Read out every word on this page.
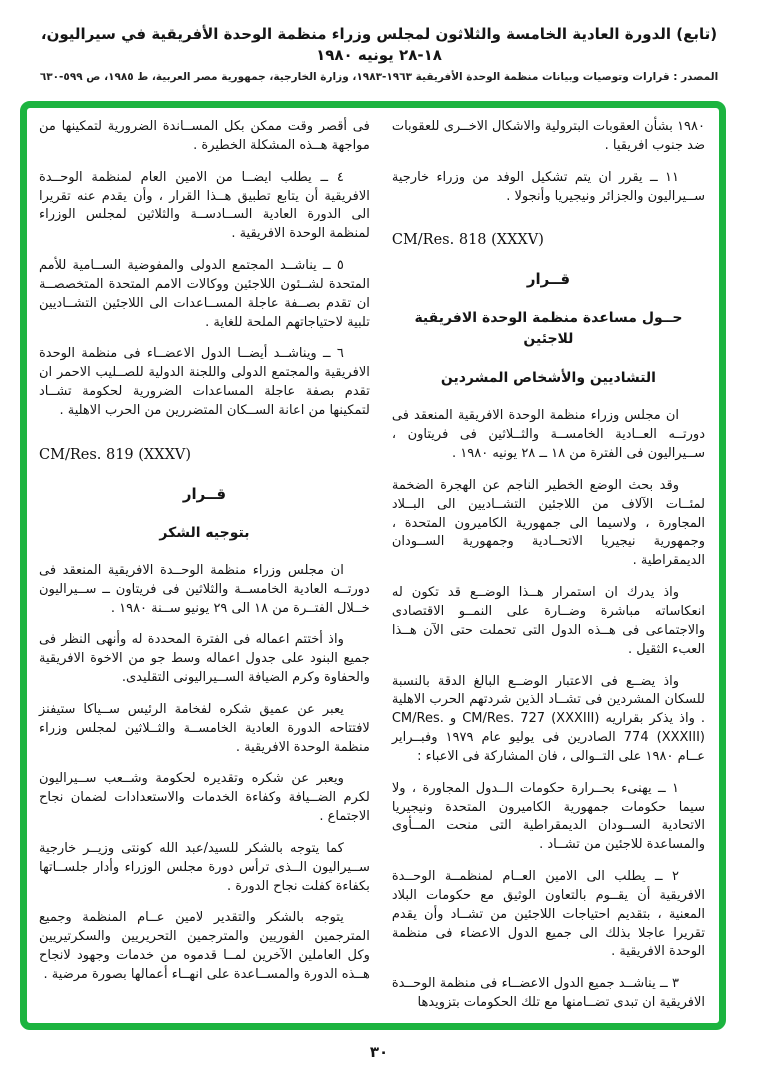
(تابع) الدورة العادية الخامسة والثلاثون لمجلس وزراء منظمة الوحدة الأفريقية في سيراليون، ١٨-٢٨ يونيه ١٩٨٠
المصدر : قرارات وتوصيات وبيانات منظمة الوحدة الأفريقية ١٩٦٣-١٩٨٣، وزارة الخارجية، جمهورية مصر العربية، ط ١٩٨٥، ص ٥٩٩-٦٣٠

١٩٨٠ بشأن العقوبات البترولية والاشكال الاخــرى للعقوبات ضد جنوب افريقيا .

١١ ــ يقرر ان يتم تشكيل الوفد من وزراء خارجية ســيراليون والجزائر ونيجيريا وأنجولا .

CM/Res. 818 (XXXV)
قــرار
حــول مساعدة منظمة الوحدة الافريقية للاجئين
التشاديين والأشخاص المشردين

ان مجلس وزراء منظمة الوحدة الافريقية المنعقد فى دورتــه العــادية الخامســة والثــلاثين فى فريتاون ، ســيراليون فى الفترة من ١٨ ــ ٢٨ يونيه ١٩٨٠ .

وقد بحث الوضع الخطير الناجم عن الهجرة الضخمة لمئــات الآلاف من اللاجئين التشــاديين الى البــلاد المجاورة ، ولاسيما الى جمهورية الكاميرون المتحدة ، وجمهورية نيجيريا الاتحــادية وجمهورية الســودان الديمقراطية .

واذ يدرك ان استمرار هــذا الوضــع قد تكون له انعكاساته مباشرة وضــارة على النمــو الاقتصادى والاجتماعى فى هــذه الدول التى تحملت حتى الآن هــذا العبء الثقيل .

واذ يضــع فى الاعتبار الوضــع البالغ الدقة بالنسبة للسكان المشردين فى تشــاد الذين شردتهم الحرب الاهلية . واذ يذكر بقراريه CM/Res. 727 (XXXIII) و CM/Res. 774 (XXXIII) الصادرين فى يوليو عام ١٩٧٩ وفبــراير عــام ١٩٨٠ على التــوالى ، فان المشاركة فى الاعباء :

١ ــ يهنىء بحــرارة حكومات الــدول المجاورة ، ولا سيما حكومات جمهورية الكاميرون المتحدة ونيجيريا الاتحادية الســودان الديمقراطية التى منحت المــأوى والمساعدة للاجئين من تشــاد .

٢ ــ يطلب الى الامين العــام لمنظمــة الوحــدة الافريقية أن يقــوم بالتعاون الوثيق مع حكومات البلاد المعنية ، بتقديم احتياجات اللاجئين من تشــاد وأن يقدم تقريرا عاجلا بذلك الى جميع الدول الاعضاء فى منظمة الوحدة الافريقية .

٣ ــ يناشــد جميع الدول الاعضــاء فى منظمة الوحــدة الافريقية ان تبدى تضــامنها مع تلك الحكومات بتزويدها

فى أقصر وقت ممكن بكل المســاندة الضرورية لتمكينها من مواجهة هــذه المشكلة الخطيرة .

٤ ــ يطلب ايضــا من الامين العام لمنظمة الوحــدة الافريقية أن يتابع تطبيق هــذا القرار ، وأن يقدم عنه تقريرا الى الدورة العادية الســادســة والثلاثين لمجلس الوزراء لمنظمة الوحدة الافريقية .

٥ ــ يناشــد المجتمع الدولى والمفوضية الســامية للأمم المتحدة لشــئون اللاجئين ووكالات الامم المتحدة المتخصصــة ان تقدم بصــفة عاجلة المســاعدات الى اللاجئين التشــاديين تلبية لاحتياجاتهم الملحة للغاية .

٦ ــ ويناشــد أيضــا الدول الاعضــاء فى منظمة الوحدة الافريقية والمجتمع الدولى واللجنة الدولية للصــليب الاحمر ان تقدم بصفة عاجلة المساعدات الضرورية لحكومة تشــاد لتمكينها من اعانة الســكان المتضررين من الحرب الاهلية .

CM/Res. 819 (XXXV)
قــرار
بتوجيه الشكر

ان مجلس وزراء منظمة الوحــدة الافريقية المنعقد فى دورتــه العادية الخامســة والثلاثين فى فريتاون ــ ســيراليون خــلال الفتــرة من ١٨ الى ٢٩ يونيو ســنة ١٩٨٠ .

واذ أختتم اعماله فى الفترة المحددة له وأنهى النظر فى جميع البنود على جدول اعماله وسط جو من الاخوة الافريقية والحفاوة وكرم الضيافة الســيراليونى التقليدى.

يعبر عن عميق شكره لفخامة الرئيس ســياكا ستيفنز لافتتاحه الدورة العادية الخامســة والثــلاثين لمجلس وزراء منظمة الوحدة الافريقية .

ويعبر عن شكره وتقديره لحكومة وشــعب ســيراليون لكرم الضــيافة وكفاءة الخدمات والاستعدادات لضمان نجاح الاجتماع .

كما يتوجه بالشكر للسيد/عبد الله كونتى وزيــر خارجية ســيراليون الــذى ترأس دورة مجلس الوزراء وأدار جلســاتها بكفاءة كفلت نجاح الدورة .

يتوجه بالشكر والتقدير لامين عــام المنظمة وجميع المترجمين الفوريين والمترجمين التحريريين والسكرتيريين وكل العاملين الآخرين لمــا قدموه من خدمات وجهود لانجاح هــذه الدورة والمســاعدة على انهــاء أعمالها بصورة مرضية .

٣٠
